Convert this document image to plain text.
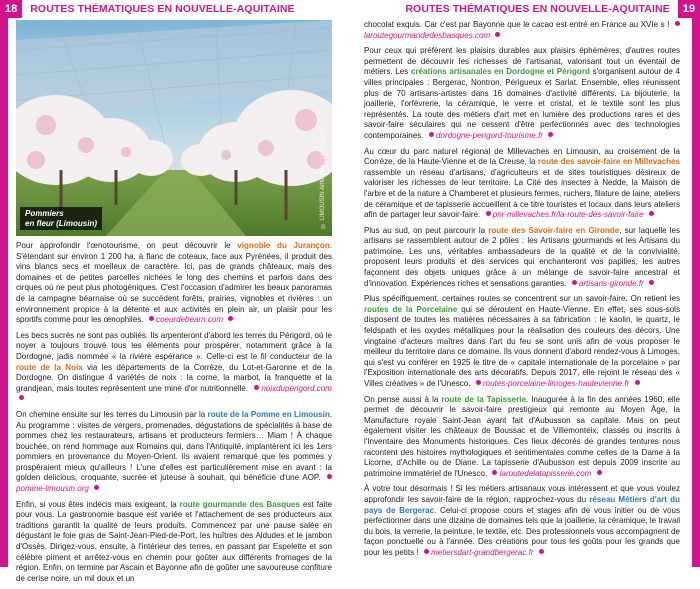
18	ROUTES THÉMATIQUES EN NOUVELLE-AQUITAINE	ROUTES THÉMATIQUES EN NOUVELLE-AQUITAINE	19
Pommiers
en fleur (Limousin)	© LIMOUSIN ArtMotion / Lézardrieux

Pour approfondir l'œnotourisme, on peut découvrir le vignoble du Jurançon. S'étendant sur environ 1 200 ha, à flanc de coteaux, face aux Pyrénées, il produit des vins blancs secs et moelleux de caractère. Ici, pas de grands châteaux, mais des domaines et de petites parcelles nichées le long des chemins et parfois dans des cirques où ne peut plus photogéniques. C'est l'occasion d'admirer les beaux panoramas de la campagne béarnaise où se succèdent forêts, prairies, vignobles et rivières : un environnement propice à la détente et aux activités en plein air, un plaisir pour les sportifs comme pour les œnophiles. coeurdebearn.com

Les becs sucrés ne sont pas oubliés. Ils arpenteront d'abord les terres du Périgord, où le noyer a toujours trouvé tous les éléments pour prospérer, notamment grâce à la Dordogne, jadis nommée « la rivière espérance ». Celle-ci est le fil conducteur de la route de la Noix via les départements de la Corrèze, du Lot-et-Garonne et de la Dordogne. On distingue 4 variétés de noix : la corne, la marbot, la franquette et la grandjean, mais toutes représentent une mine d'or nutritionnelle. noixduperigord.com

On chemine ensuite sur les terres du Limousin par la route de la Pomme en Limousin. Au programme : visites de vergers, promenades, dégustations de spécialités à base de pommes chez les restaurateurs, artisans et producteurs fermiers… Miam ! À chaque bouchée, on rend hommage aux Romains qui, dans l'Antiquité, implantèrent ici les 1ers pommiers en provenance du Moyen-Orient. Ils avaient remarqué que les pommes y prospéraient mieux qu'ailleurs ! L'une d'elles est particulièrement mise en avant : la golden delicious, croquante, sucrée et juteuse à souhait, qui bénéficie d'une AOP.  pomme-limousin.org

Enfin, si vous êtes indécis mais exigeant, la route gourmande des Basques est faite pour vous. La gastronomie basque est variée et l'attachement de ses producteurs aux traditions garantit la qualité de leurs produits. Commencez par une pause salée en dégustant le foie gras de Saint-Jean-Pied-de-Port, les huîtres des Aldudes et le jambon d'Ossès. Dirigez-vous, ensuite, à l'intérieur des terres, en passant par Espelette et son célèbre piment et arrêtez-vous en chemin pour goûter aux différents fromages de la région. Enfin, on termine par Ascain et Bayonne afin de goûter une savoureuse confiture de cerise noire, un mil doux et un

chocolat exquis. Car c'est par Bayonne que le cacao est entré en France au XVIe s !  laroutegourmandedesbasques.com

Pour ceux qui préfèrent les plaisirs durables aux plaisirs éphémères, d'autres routes permettent de découvrir les richesses de l'artisanat, valorisant tout un éventail de métiers. Les créations artisanales en Dordogne et Périgord s'organisent autour de 4 villes principales : Bergerac, Nontron, Périgueux et Sarlat. Ensemble, elles réunissent plus de 70 artisans-artistes dans 16 domaines d'activité différents. La bijouterie, la joaillerie, l'orfèvrerie, la céramique, le verre et cristal, et le textile sont les plus représentés. La route des métiers d'art met en lumière des productions rares et des savoir-faire séculaires qui ne cessent d'être perfectionnés avec des technologies contemporaines. dordogne-perigord-tourisme.fr

Au cœur du parc naturel régional de Millevaches en Limousin, au croisement de la Corrèze, de la Haute-Vienne et de la Creuse, la route des savoir-faire en Millevaches rassemble un réseau d'artisans, d'agriculteurs et de sites touristiques désireux de valoriser les richesses de leur territoire. La Cité des insectes à Nedde, la Maison de l'arbre et de la nature à Chamberet et plusieurs fermes, ruchers, filature de laine, ateliers de céramique et de tapisserie accueillent à ce titre touristes et locaux dans leurs ateliers afin de partager leur savoir-faire. pnr-millevaches.fr/la-route-des-savoir-faire

Plus au sud, on peut parcourir la route des Savoir-faire en Gironde, sur laquelle les artisans se rassemblent autour de 2 pôles : les Artisans gourmands et les Artisans du patrimoine. Les uns, véritables ambassadeurs de la qualité et de la convivialité, proposent leurs produits et des services qui enchanteront vos papilles, les autres façonnent des objets uniques grâce à un mélange de savoir-faire ancestral et d'innovation. Expériences riches et sensations garanties. artisans-gironde.fr

Plus spécifiquement, certaines routes se concentrent sur un savoir-faire. On retient les routes de la Porcelaine qui se déroulent en Haute-Vienne. En effet, ses sous-sols disposent de toutes les matières nécessaires à sa fabrication : le kaolin, le quartz, le feldspath et les oxydes métalliques pour la réalisation des couleurs des décors. Une vingtaine d'acteurs maîtres dans l'art du feu se sont unis afin de vous proposer le meilleur du territoire dans ce domaine. Ils vous donnent d'abord rendez-vous à Limoges, qui s'est vu conférer en 1925 le titre de « capitale internationale de la porcelaine » par l'Exposition internationale des arts décoratifs. Depuis 2017, elle rejoint le réseau des « Villes créatives » de l'Unesco. routes-porcelaine-limoges-hautevienne.fr

On pense aussi à la route de la Tapisserie. Inaugurée à la fin des années 1960, elle permet de découvrir le savoir-faire prestigieux qui remonte au Moyen Âge, la Manufacture royale Saint-Jean ayant fait d'Aubusson sa capitale. Mais on peut également visiter les châteaux de Boussac et de Villemonteix, classés ou inscrits à l'Inventaire des Monuments historiques. Ces lieux décorés de grandes tentures nous racontent des histoires mythologiques et sentimentales comme celles de la Dame à la Licorne, d'Achille ou de Diane. La tapisserie d'Aubusson est depuis 2009 inscrite au patrimoine immatériel de l'Unesco. laroutedelatapisserie.com

À votre tour désormais ! Si les métiers artisanaux vous intéressent et que vous voulez approfondir les savoir-faire de la région, rapprochez-vous du réseau Métiers d'art du pays de Bergerac. Celui-ci propose cours et stages afin de vous initier ou de vous perfectionner dans une dizaine de domaines tels que la joaillerie, la céramique, le travail du bois, la verrerie, la peinture, le textile, etc. Des professionnels vous accompagnent de façon ponctuelle ou à l'année. Des créations pour tous les goûts pour les grands que pour les petits ! metiersdart-grandbergerac.fr
